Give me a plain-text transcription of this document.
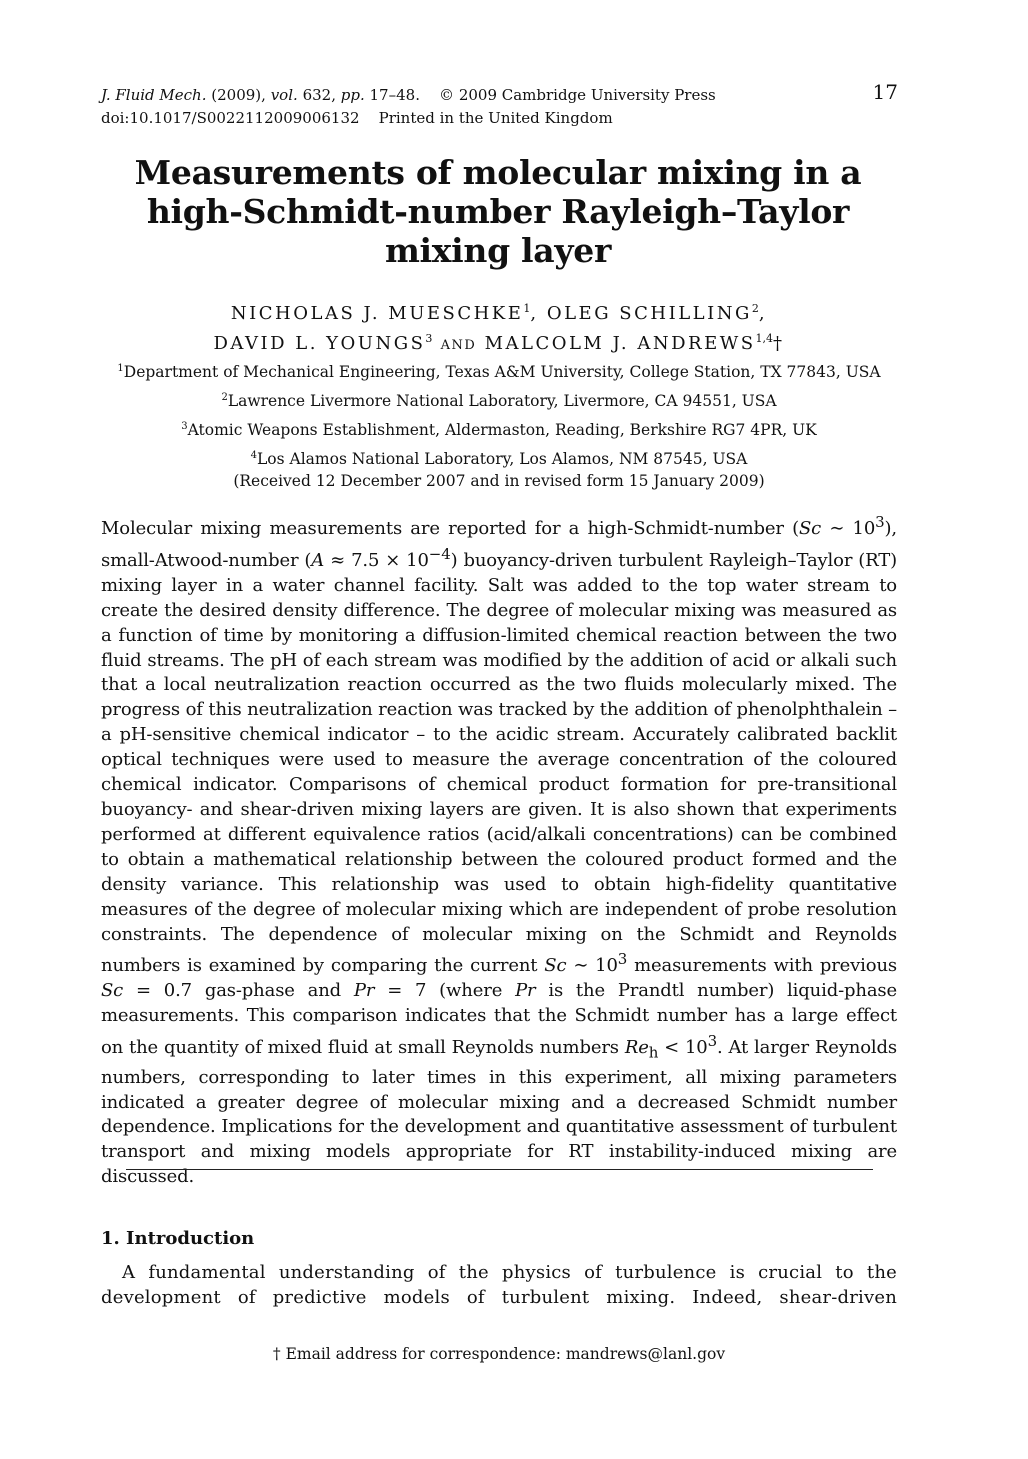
J. Fluid Mech. (2009), vol. 632, pp. 17–48. © 2009 Cambridge University Press
doi:10.1017/S0022112009006132 Printed in the United Kingdom
17
Measurements of molecular mixing in a
high-Schmidt-number Rayleigh–Taylor
mixing layer
NICHOLAS J. MUESCHKE$^1$, OLEG SCHILLING$^2$,
DAVID L. YOUNGS$^3$ AND MALCOLM J. ANDREWS$^{1,4}$†
$^1$Department of Mechanical Engineering, Texas A&M University, College Station, TX 77843, USA
$^2$Lawrence Livermore National Laboratory, Livermore, CA 94551, USA
$^3$Atomic Weapons Establishment, Aldermaston, Reading, Berkshire RG7 4PR, UK
$^4$Los Alamos National Laboratory, Los Alamos, NM 87545, USA
(Received 12 December 2007 and in revised form 15 January 2009)
Molecular mixing measurements are reported for a high-Schmidt-number (Sc ∼ $10^3$), small-Atwood-number $(A \approx 7.5 \times 10^{-4})$ buoyancy-driven turbulent Rayleigh–Taylor (RT) mixing layer in a water channel facility. Salt was added to the top water stream to create the desired density difference. The degree of molecular mixing was measured as a function of time by monitoring a diffusion-limited chemical reaction between the two fluid streams. The pH of each stream was modified by the addition of acid or alkali such that a local neutralization reaction occurred as the two fluids molecularly mixed. The progress of this neutralization reaction was tracked by the addition of phenolphthalein – a pH-sensitive chemical indicator – to the acidic stream. Accurately calibrated backlit optical techniques were used to measure the average concentration of the coloured chemical indicator. Comparisons of chemical product formation for pre-transitional buoyancy- and shear-driven mixing layers are given. It is also shown that experiments performed at different equivalence ratios (acid/alkali concentrations) can be combined to obtain a mathematical relationship between the coloured product formed and the density variance. This relationship was used to obtain high-fidelity quantitative measures of the degree of molecular mixing which are independent of probe resolution constraints. The dependence of molecular mixing on the Schmidt and Reynolds numbers is examined by comparing the current Sc ∼ $10^3$ measurements with previous Sc = 0.7 gas-phase and Pr = 7 (where Pr is the Prandtl number) liquid-phase measurements. This comparison indicates that the Schmidt number has a large effect on the quantity of mixed fluid at small Reynolds numbers $Re_h < 10^3$. At larger Reynolds numbers, corresponding to later times in this experiment, all mixing parameters indicated a greater degree of molecular mixing and a decreased Schmidt number dependence. Implications for the development and quantitative assessment of turbulent transport and mixing models appropriate for RT instability-induced mixing are discussed.
1. Introduction
A fundamental understanding of the physics of turbulence is crucial to the development of predictive models of turbulent mixing. Indeed, shear-driven
† Email address for correspondence: mandrews@lanl.gov
